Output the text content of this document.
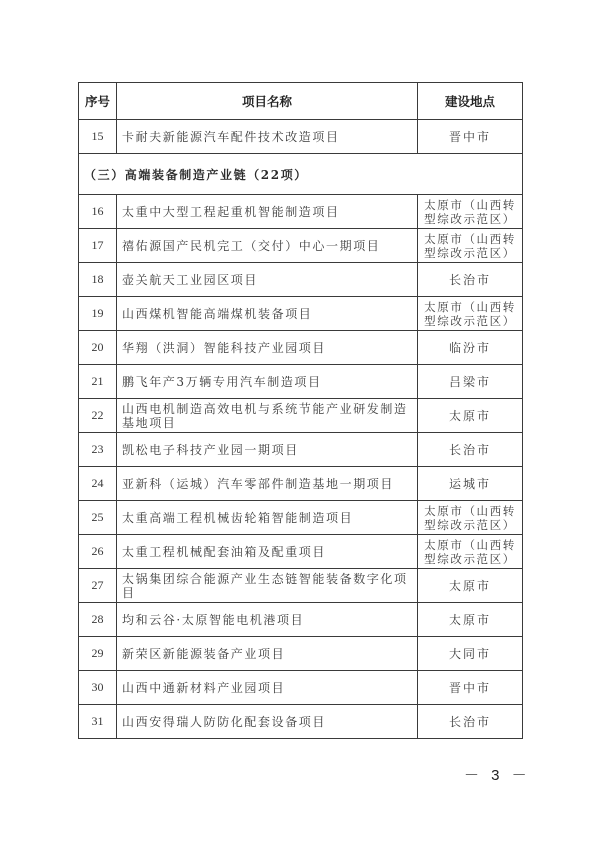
序号	项目名称	建设地点
15	卡耐夫新能源汽车配件技术改造项目	晋中市
（三）高端装备制造产业链（22项）		
16	太重中大型工程起重机智能制造项目	太原市（山西转型综改示范区）
17	禧佑源国产民机完工（交付）中心一期项目	太原市（山西转型综改示范区）
18	壶关航天工业园区项目	长治市
19	山西煤机智能高端煤机装备项目	太原市（山西转型综改示范区）
20	华翔（洪洞）智能科技产业园项目	临汾市
21	鹏飞年产3万辆专用汽车制造项目	吕梁市
22	山西电机制造高效电机与系统节能产业研发制造基地项目	太原市
23	凯松电子科技产业园一期项目	长治市
24	亚新科（运城）汽车零部件制造基地一期项目	运城市
25	太重高端工程机械齿轮箱智能制造项目	太原市（山西转型综改示范区）
26	太重工程机械配套油箱及配重项目	太原市（山西转型综改示范区）
27	太锅集团综合能源产业生态链智能装备数字化项目	太原市
28	均和云谷·太原智能电机港项目	太原市
29	新荣区新能源装备产业项目	大同市
30	山西中通新材料产业园项目	晋中市
31	山西安得瑞人防防化配套设备项目	长治市
－ 3 －
